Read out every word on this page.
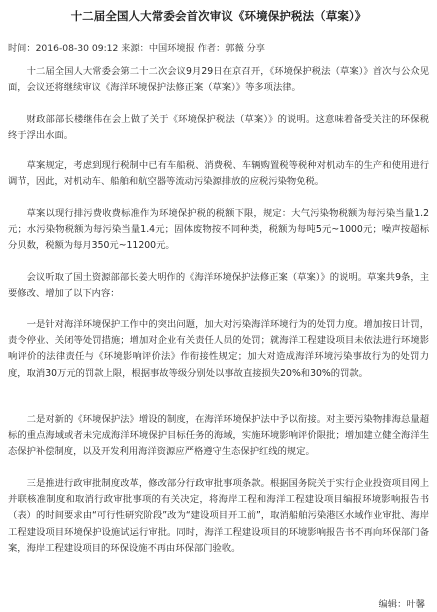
十二届全国人大常委会首次审议《环境保护税法（草案）》
时间：2016-08-30 09:12 来源：中国环境报 作者：郭薇 分享

十二届全国人大常委会第二十二次会议9月29日在京召开，《环境保护税法（草案）》首次与公众见面，会议还将继续审议《海洋环境保护法修正案（草案）》等多项法律。

财政部部长楼继伟在会上做了关于《环境保护税法（草案）》的说明。这意味着备受关注的环保税终于浮出水面。

草案规定，考虑到现行税制中已有车船税、消费税、车辆购置税等税种对机动车的生产和使用进行调节，因此，对机动车、船舶和航空器等流动污染源排放的应税污染物免税。

草案以现行排污费收费标准作为环境保护税的税额下限，规定：大气污染物税额为每污染当量1.2元；水污染物税额为每污染当量1.4元；固体废物按不同种类，税额为每吨5元~1000元；噪声按超标分贝数，税额为每月350元~11200元。

会议听取了国土资源部部长姜大明作的《海洋环境保护法修正案（草案）》的说明。草案共9条，主要修改、增加了以下内容：

一是针对海洋环境保护工作中的突出问题，加大对污染海洋环境行为的处罚力度。增加按日计罚，责令停业、关闭等处罚措施；增加对企业有关责任人员的处罚；就海洋工程建设项目未依法进行环境影响评价的法律责任与《环境影响评价法》作衔接性规定；加大对造成海洋环境污染事故行为的处罚力度，取消30万元的罚款上限，根据事故等级分别处以事故直接损失20%和30%的罚款。

二是对新的《环境保护法》增设的制度，在海洋环境保护法中予以衔接。对主要污染物排海总量超标的重点海域或者未完成海洋环境保护目标任务的海域，实施环境影响评价限批；增加建立健全海洋生态保护补偿制度，以及开发利用海洋资源应严格遵守生态保护红线的规定。

三是推进行政审批制度改革，修改部分行政审批事项条款。根据国务院关于实行企业投资项目网上并联核准制度和取消行政审批事项的有关决定，将海岸工程和海洋工程建设项目编报环境影响报告书（表）的时间要求由“可行性研究阶段”改为“建设项目开工前”，取消船舶污染港区水域作业审批、海岸工程建设项目环境保护设施试运行审批。同时，海洋工程建设项目的环境影响报告书不再向环保部门备案，海岸工程建设项目的环保设施不再由环保部门验收。

编辑：叶馨
